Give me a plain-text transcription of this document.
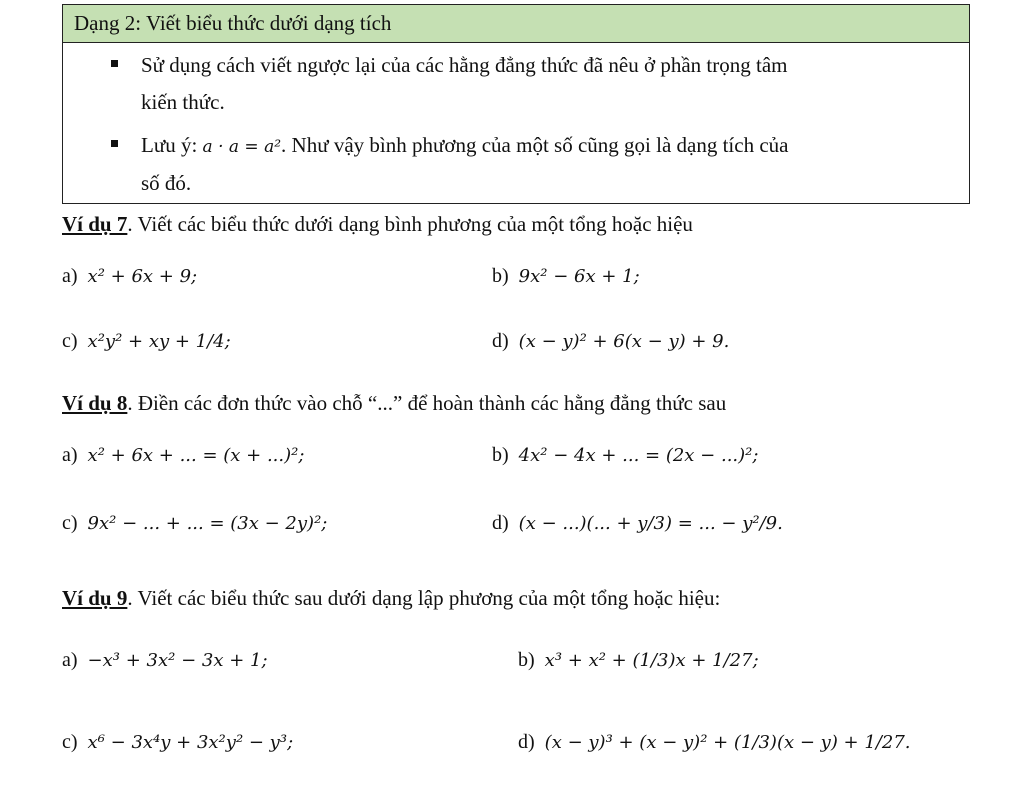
Dạng 2: Viết biểu thức dưới dạng tích
Sử dụng cách viết ngược lại của các hằng đẳng thức đã nêu ở phần trọng tâm
kiến thức.
Lưu ý: a · a = a². Như vậy bình phương của một số cũng gọi là dạng tích của
số đó.
Ví dụ 7. Viết các biểu thức dưới dạng bình phương của một tổng hoặc hiệu
a) x² + 6x + 9;	b) 9x² − 6x + 1;
c) x²y² + xy + 1/4;	d) (x − y)² + 6(x − y) + 9.
Ví dụ 8. Điền các đơn thức vào chỗ “...” để hoàn thành các hằng đẳng thức sau
a) x² + 6x + ... = (x + ...)²;	b) 4x² − 4x + ... = (2x − ...)²;
c) 9x² − ... + ... = (3x − 2y)²;	d) (x − ...)(... + y/3) = ... − y²/9.
Ví dụ 9. Viết các biểu thức sau dưới dạng lập phương của một tổng hoặc hiệu:
a) −x³ + 3x² − 3x + 1;	b) x³ + x² + (1/3)x + 1/27;
c) x⁶ − 3x⁴y + 3x²y² − y³;	d) (x − y)³ + (x − y)² + (1/3)(x − y) + 1/27.
